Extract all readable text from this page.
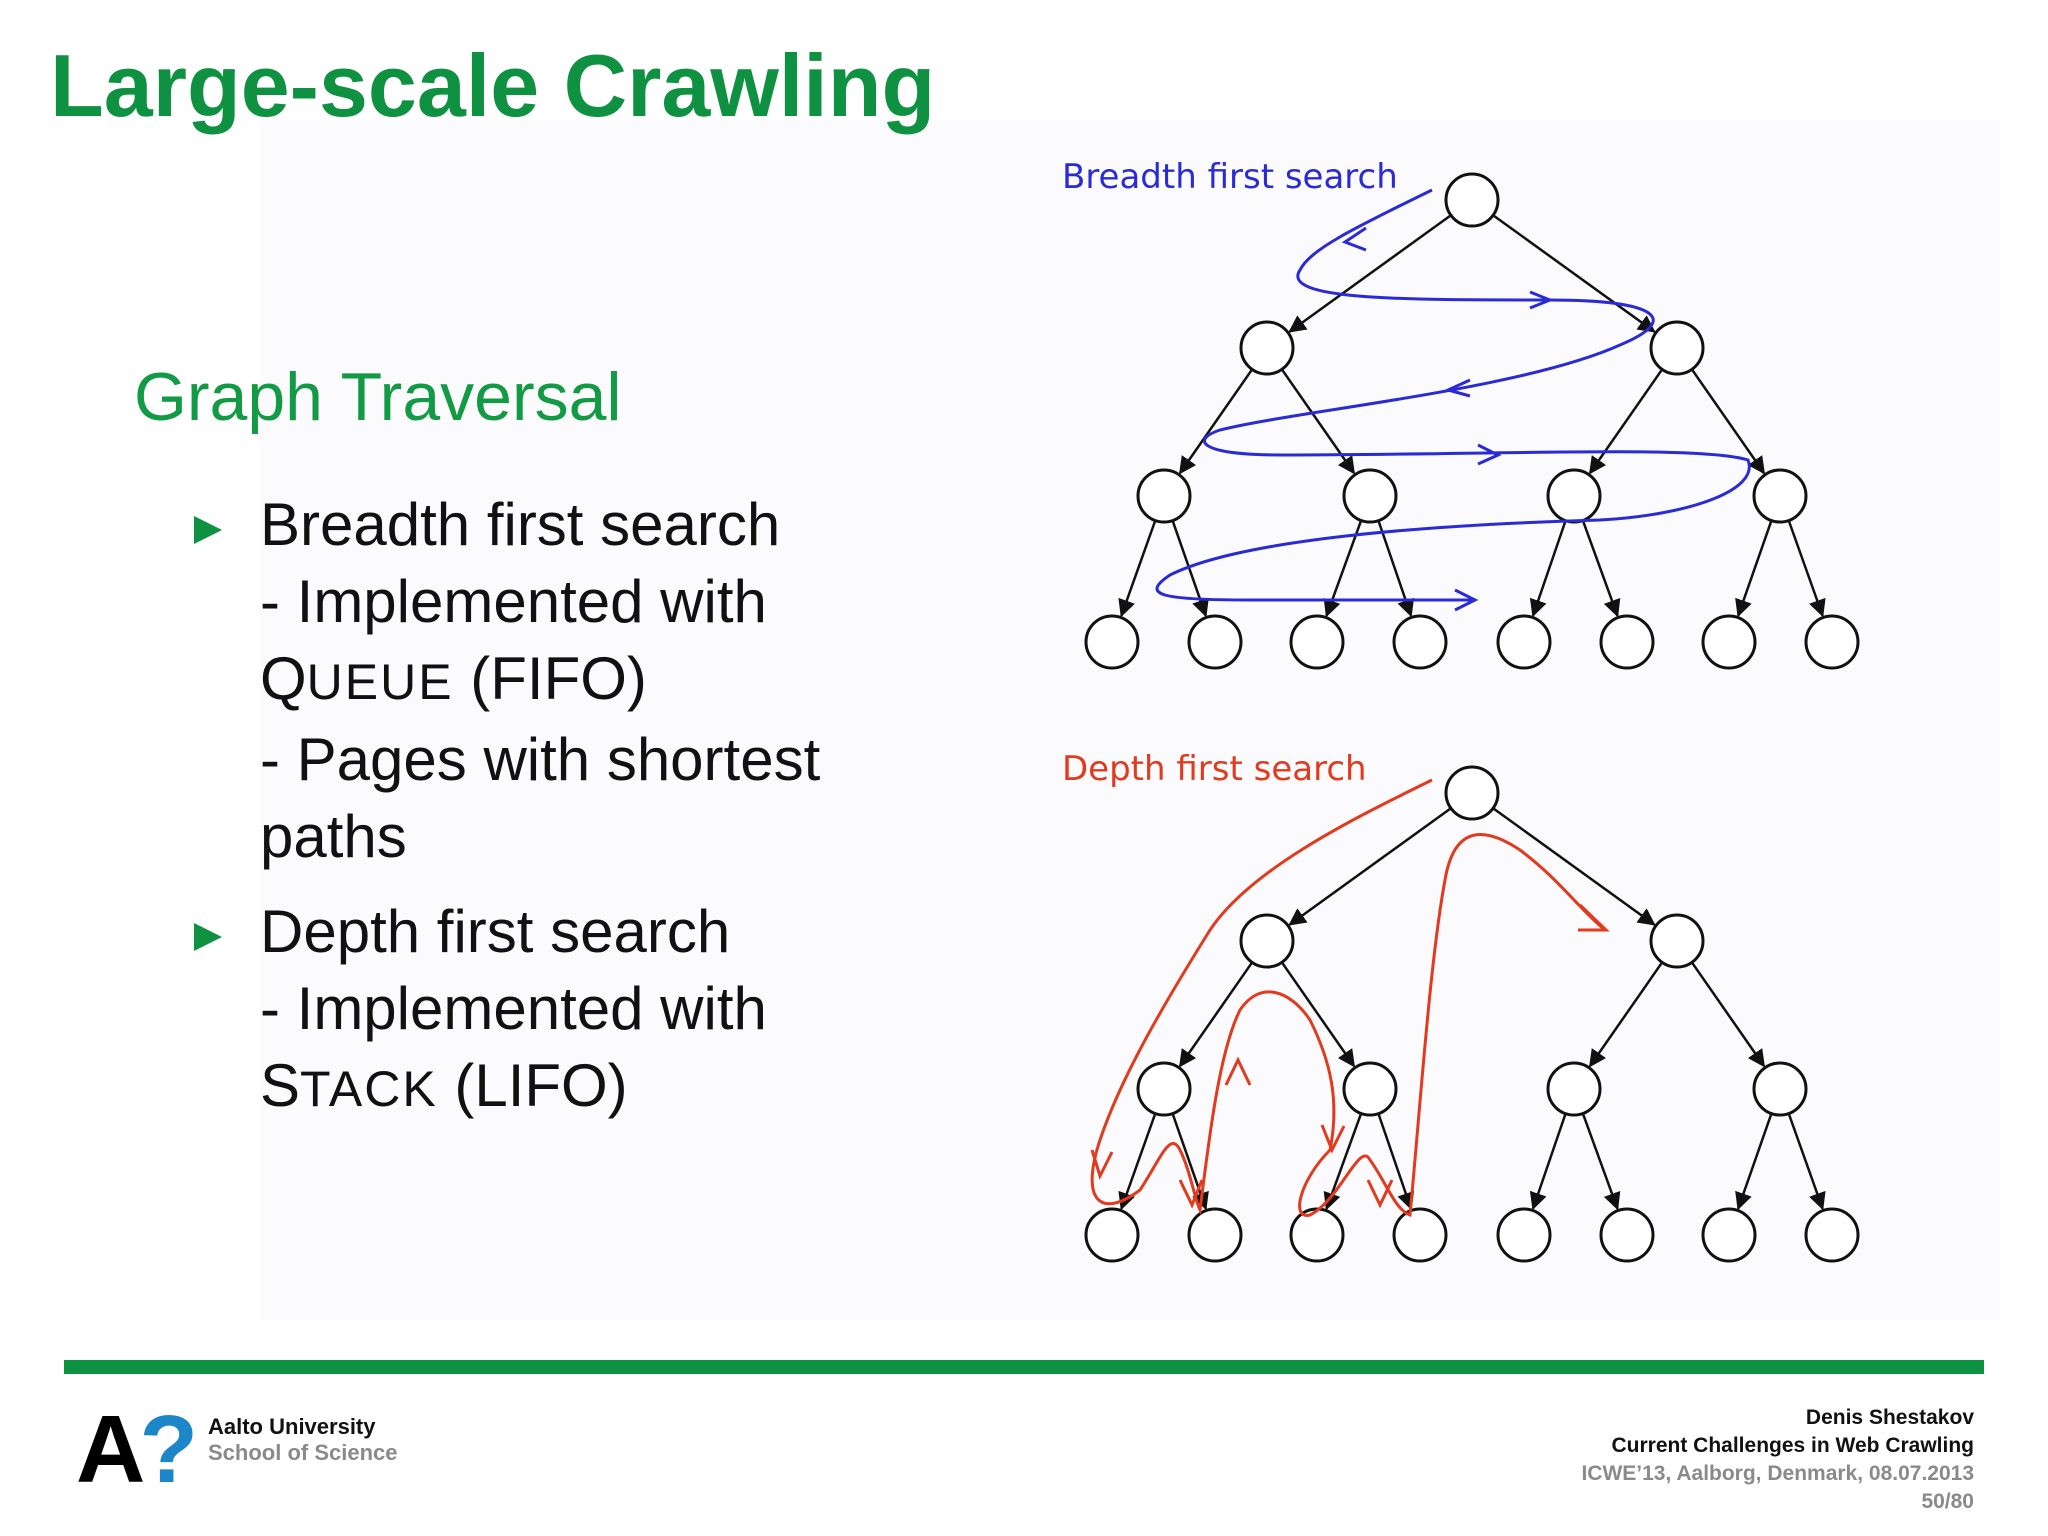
Large-scale Crawling
Graph Traversal
Breadth first search
- Implemented with
QUEUE (FIFO)
- Pages with shortest
paths
Depth first search
- Implemented with
STACK (LIFO)
Breadth first search
Depth first search
A? Aalto University
School of Science
Denis Shestakov
Current Challenges in Web Crawling
ICWE’13, Aalborg, Denmark, 08.07.2013
50/80
